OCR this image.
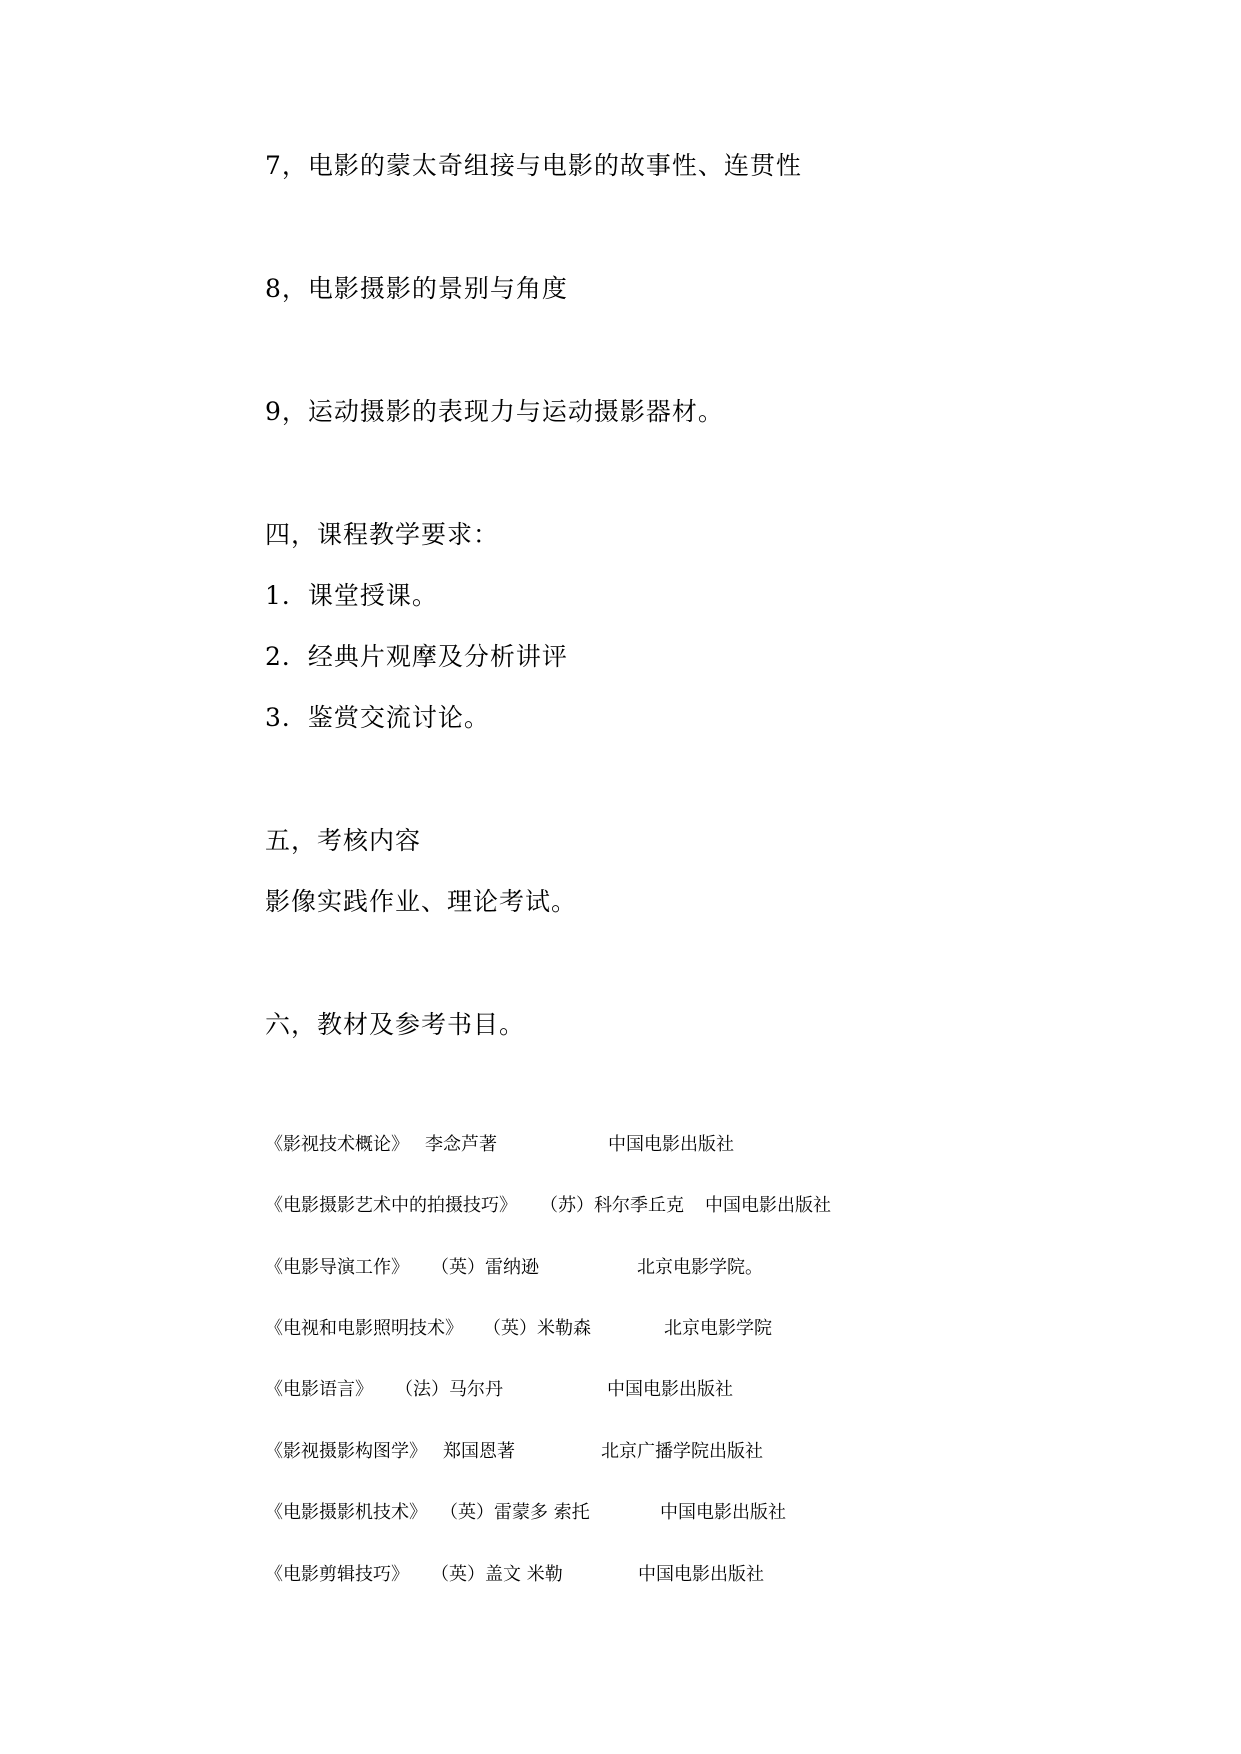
7，电影的蒙太奇组接与电影的故事性、连贯性
8，电影摄影的景别与角度
9，运动摄影的表现力与运动摄影器材。
四，课程教学要求：
1．课堂授课。
2．经典片观摩及分析讲评
3．鉴赏交流讨论。
五，考核内容
影像实践作业、理论考试。
六，教材及参考书目。
《影视技术概论》 李念芦著	中国电影出版社
《电影摄影艺术中的拍摄技巧》 （苏）科尔季丘克 中国电影出版社
《电影导演工作》 （英）雷纳逊	北京电影学院。
《电视和电影照明技术》 （英）米勒森	北京电影学院
《电影语言》 （法）马尔丹	中国电影出版社
《影视摄影构图学》 郑国恩著	北京广播学院出版社
《电影摄影机技术》 （英）雷蒙多 索托	中国电影出版社
《电影剪辑技巧》 （英）盖文 米勒	中国电影出版社
